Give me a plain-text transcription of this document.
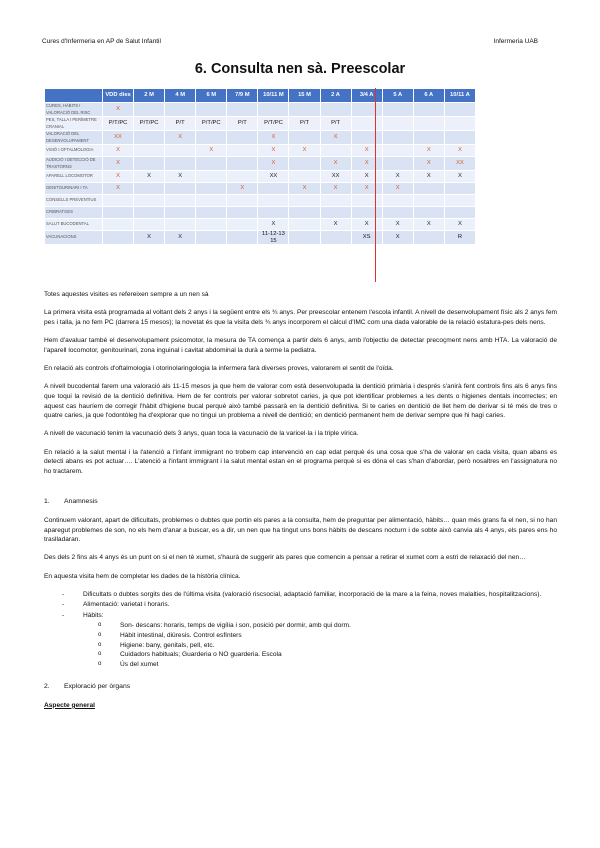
Cures d'Infermeria en AP de Salut Infantil	Infermeria UAB
6. Consulta nen sà. Preescolar
	VDD dies	2 M	4 M	6 M	7/9 M	10/11 M	15 M	2 A	3/4 A	5 A	6 A	10/11 A
CURES, HÀBITS I VALORACIÓ DEL RISC	X											
PES, TALLA I PERÍMETRE CRANIAL	P/T/PC	P/T/PC	P/T	P/T/PC	P/T	P/T/PC	P/T	P/T				
VALORACIÓ DEL DESENVOLUPAMENT	XX		X			X		X				
VISIÓ I OFTALMOLOGIA	X			X		X	X		X		X	X
AUDICIÓ I DETECCIÓ DE TRASTORNS	X					X		X	X		X	XX
APARELL LOCOMOTOR	X	X	X			XX		XX	X	X	X	X
GENITOURINARI I TA	X				X		X	X	X	X		
CONSELLS PREVENTIUS												
CRIBRATGES												
SALUT BUCODENTAL						X		X	X	X	X	X
VACUNACIONS		X	X			11-12-13 15			XS	X		R

Totes aquestes visites es refereixen sempre a un nen sà

La primera visita està programada al voltant dels 2 anys i la següent entre els ¾ anys. Per preescolar entenem l'escola infantil. A nivell de desenvolupament físic als 2 anys fem pes i talla, ja no fem PC (darrera 15 mesos); la novetat és que la visita dels ¾ anys incorporem el càlcul d'IMC com una dada valorable de la relació estatura-pes dels nens.

Hem d'avaluar també el desenvolupament psicomotor, la mesura de TA comença a partir dels 6 anys, amb l'objectiu de detectar precoçment nens amb HTA. La valoració de l'aparell locomotor, genitourinari, zona inguinal i cavitat abdominal la durà a terme la pediatra.

En relació als controls d'oftalmologia i otorinolaringologia la infermera farà diverses proves, valorarem el sentit de l'oïda.

A nivell bucodental farem una valoració als 11-15 mesos ja que hem de valorar com està desenvolupada la dentició primària i després s'anirà fent controls fins als 6 anys fins que toqui la revisió de la dentició definitiva. Hem de fer controls per valorar sobretot caries, ja que pot identificar problemes a les dents o higienes dentals incorrectes; en aquest cas hauríem de corregir l'hàbit d'higiene bucal perquè això també passarà en la dentició definitiva. Si te caries en dentició de llet hem de derivar si té més de tres o quatre caries, ja que l'odontòleg ha d'explorar que no tingui un problema a nivell de dentició; en dentició permanent hem de derivar sempre que hi hagi caries.

A nivell de vacunació tenim la vacunació dels 3 anys, quan toca la vacunació de la varicel·la i la triple vírica.

En relació a la salut mental i la l'atenció a l'infant immigrant no trobem cap intervenció en cap edat perquè és una cosa que s'ha de valorar en cada visita, quan abans es detecti abans es pot actuar…. L'atenció a l'infant immigrant i la salut mental estan en el programa perquè si es dóna el cas s'han d'abordar, però nosaltres en l'assignatura no ho tractarem.

1. Anamnesis

Continuem valorant, apart de dificultats, problemes o dubtes que portin els pares a la consulta, hem de preguntar per alimentació, hàbits… quan més grans fa el nen, si no han aparegut problemes de son, no els hem d'anar a buscar, es a dir, un nen que ha tingut uns bons hàbits de descans nocturn i de sobte això canvia als 4 anys, els pares ens ho traslladaran.

Des dels 2 fins als 4 anys és un punt on si el nen té xumet, s'haurà de suggerir als pares que comencin a pensar a retirar el xumet com a estri de relaxació del nen…

En aquesta visita hem de completar les dades de la història clínica.

- Dificultats o dubtes sorgits des de l'última visita (valoració riscsocial, adaptació familiar, incorporació de la mare a la feina, noves malalties, hospitalitzacions).
- Alimentació: varietat i horaris.
- Hàbits:
o Son- descans: horaris, temps de vigília i son, posició per dormir, amb qui dorm.
o Hàbit intestinal, diüresis. Control esfínters
o Higiene: bany, genitals, pell, etc.
o Cuidadors habituals; Guarderia o NO guarderia. Escola
o Ús del xumet
2. Exploració per òrgans
Aspecte general
